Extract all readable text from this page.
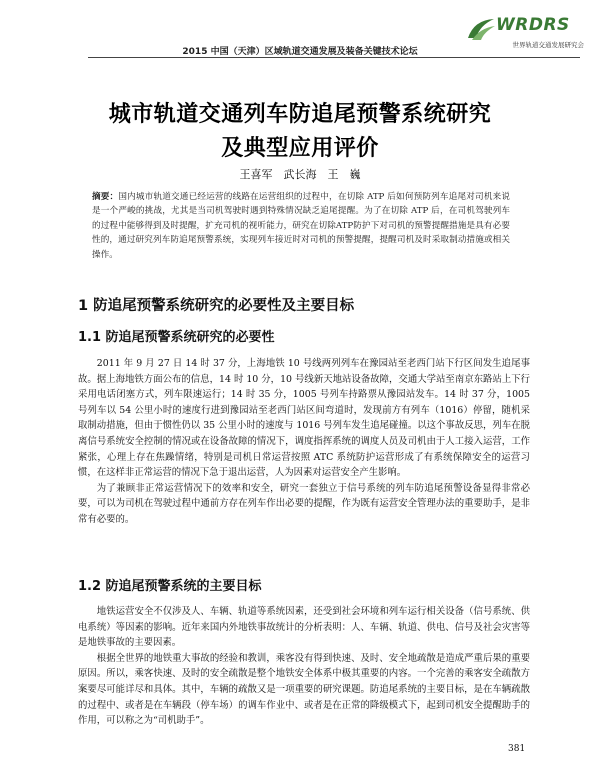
WRDRS
世界轨道交通发展研究会
2015 中国（天津）区域轨道交通发展及装备关键技术论坛
城市轨道交通列车防追尾预警系统研究
及典型应用评价
王喜军　武长海　王　巍
摘要：国内城市轨道交通已经运营的线路在运营组织的过程中，在切除 ATP 后如何预防列车追尾对司机来说是一个严峻的挑战，尤其是当司机驾驶时遇到特殊情况缺乏追尾提醒。为了在切除 ATP 后，在司机驾驶列车的过程中能够得到及时提醒，扩充司机的视听能力，研究在切除ATP防护下对司机的预警提醒措施是具有必要性的，通过研究列车防追尾预警系统，实现列车接近时对司机的预警提醒，提醒司机及时采取制动措施或相关操作。
1 防追尾预警系统研究的必要性及主要目标
1.1 防追尾预警系统研究的必要性

2011 年 9 月 27 日 14 时 37 分，上海地铁 10 号线两列列车在豫园站至老西门站下行区间发生追尾事故。据上海地铁方面公布的信息，14 时 10 分，10 号线新天地站设备故障，交通大学站至南京东路站上下行采用电话闭塞方式，列车限速运行；14 时 35 分，1005 号列车持路票从豫园站发车。14 时 37 分，1005 号列车以 54 公里小时的速度行进到豫园站至老西门站区间弯道时，发现前方有列车（1016）停留，随机采取制动措施，但由于惯性仍以 35 公里小时的速度与 1016 号列车发生追尾碰撞。以这个事故反思，列车在脱离信号系统安全控制的情况或在设备故障的情况下，调度指挥系统的调度人员及司机由于人工接入运营，工作紧张，心理上存在焦躁情绪，特别是司机日常运营按照 ATC 系统防护运营形成了有系统保障安全的运营习惯，在这样非正常运营的情况下急于退出运营，人为因素对运营安全产生影响。

为了兼顾非正常运营情况下的效率和安全，研究一套独立于信号系统的列车防追尾预警设备显得非常必要，可以为司机在驾驶过程中通前方存在列车作出必要的提醒，作为既有运营安全管理办法的重要助手，是非常有必要的。

1.2 防追尾预警系统的主要目标

地铁运营安全不仅涉及人、车辆、轨道等系统因素，还受到社会环境和列车运行相关设备（信号系统、供电系统）等因素的影响。近年来国内外地铁事故统计的分析表明：人、车辆、轨道、供电、信号及社会灾害等是地铁事故的主要因素。

根据全世界的地铁重大事故的经验和教训，乘客没有得到快速、及时、安全地疏散是造成严重后果的重要原因。所以，乘客快速、及时的安全疏散是整个地铁安全体系中极其重要的内容。一个完善的乘客安全疏散方案要尽可能详尽和具体。其中，车辆的疏散又是一项重要的研究课题。防追尾系统的主要目标，是在车辆疏散的过程中、或者是在车辆段（停车场）的调车作业中、或者是在正常的降级模式下，起到司机安全提醒助手的作用，可以称之为“司机助手”。

381
